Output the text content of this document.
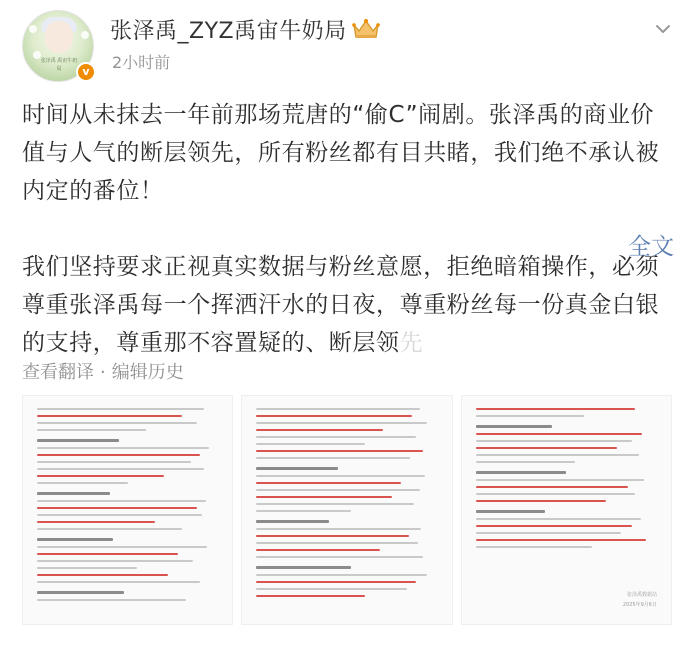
张泽禹 禹宙牛奶局	v
张泽禹_ZYZ禹宙牛奶局
2小时前
时间从未抹去一年前那场荒唐的“偷C”闹剧。张泽禹的商业价值与人气的断层领先，所有粉丝都有目共睹，我们绝不承认被内定的番位！
我们坚持要求正视真实数据与粉丝意愿，拒绝暗箱操作，必须尊重张泽禹每一个挥洒汗水的日夜，尊重粉丝每一份真金白银的支持，尊重那不容置疑的、断层领先
全文
查看翻译 · 编辑历史
张泽禹数据站
2025年9月6日
